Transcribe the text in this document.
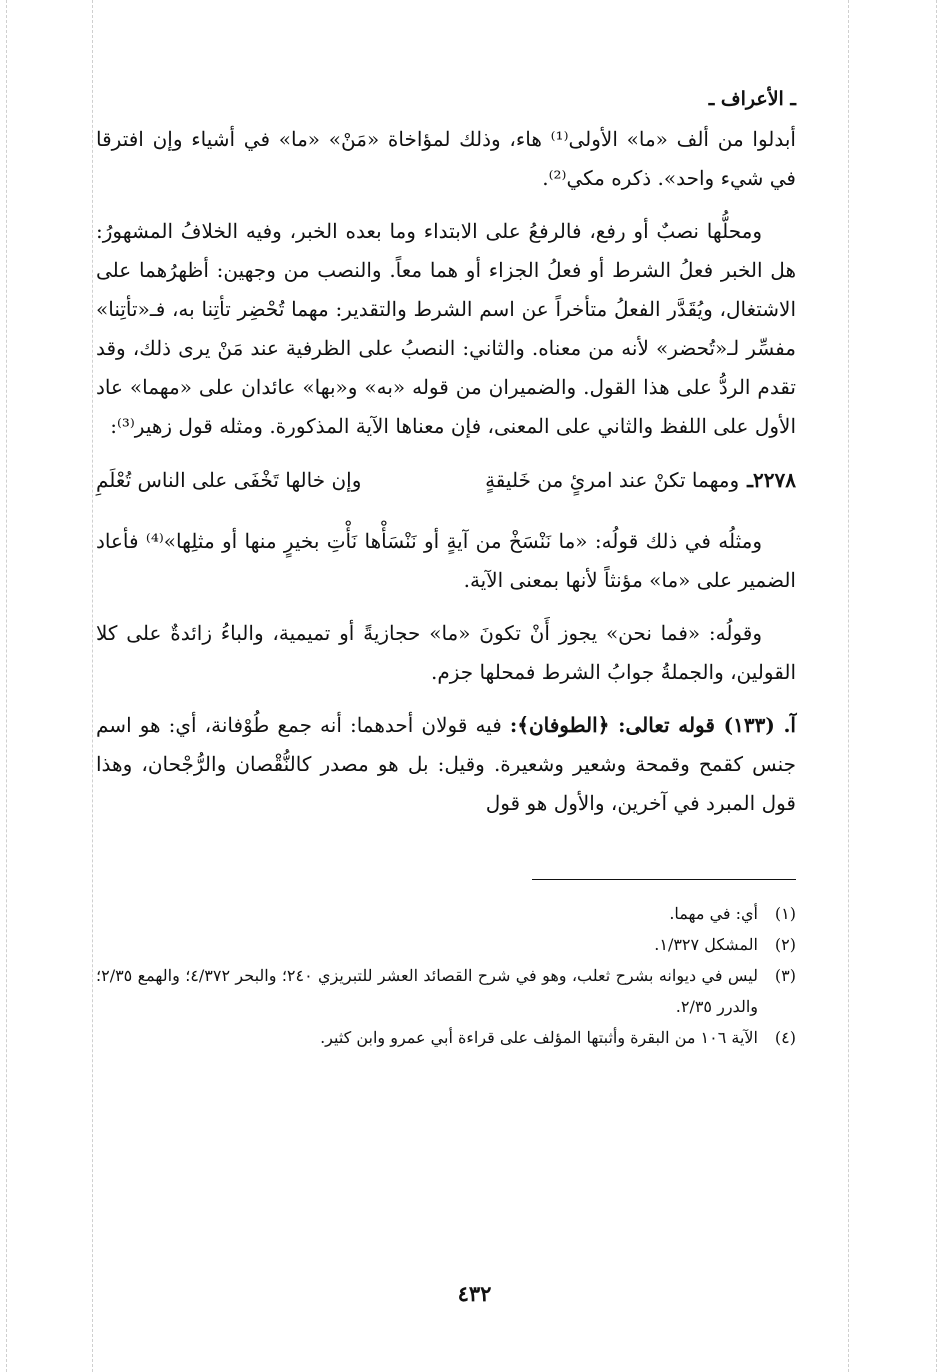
ـ الأعراف ـ

أبدلوا من ألف «ما» الأولى⁽¹⁾ هاء، وذلك لمؤاخاة «مَنْ» «ما» في أشياء وإن افترقا في شيء واحد». ذكره مكي⁽²⁾.

ومحلُّها نصبٌ أو رفع، فالرفعُ على الابتداء وما بعده الخبر، وفيه الخلافُ المشهورُ: هل الخبر فعلُ الشرط أو فعلُ الجزاء أو هما معاً. والنصب من وجهين: أظهرُهما على الاشتغال، ويُقَدَّر الفعلُ متأخراً عن اسم الشرط والتقدير: مهما تُحْضِر تأتِنا به، فـ«تأتِنا» مفسِّر لـ«تُحضر» لأنه من معناه. والثاني: النصبُ على الظرفية عند مَنْ يرى ذلك، وقد تقدم الردُّ على هذا القول. والضميران من قوله «به» و«بها» عائدان على «مهما» عاد الأول على اللفظ والثاني على المعنى، فإن معناها الآية المذكورة. ومثله قول زهير⁽³⁾:

٢٢٧٨ـ
ومهما تكنْ عند امرئٍ من خَليقةٍ
وإن خالها تَخْفَى على الناس تُعْلَمِ

ومثلُه في ذلك قولُه: «ما نَنْسَخْ من آيةٍ أو نَنْسَأْها نَأْتِ بخيرٍ منها أو مثلِها»⁽⁴⁾ فأعاد الضمير على «ما» مؤنثاً لأنها بمعنى الآية.

وقولُه: «فما نحن» يجوز أَنْ تكونَ «ما» حجازيةً أو تميمية، والباءُ زائدةٌ على كلا القولين، والجملةُ جوابُ الشرط فمحلها جزم.

آ. (١٣٣) قوله تعالى: ﴿الطوفان﴾: فيه قولان أحدهما: أنه جمع طُوْفانة، أي: هو اسم جنس كقمح وقمحة وشعير وشعيرة. وقيل: بل هو مصدر كالنُّقْصان والرُّجْحان، وهذا قول المبرد في آخرين، والأول هو قول

(١)
أي: في مهما.
(٢)
المشكل ١/٣٢٧.
(٣)
ليس في ديوانه بشرح ثعلب، وهو في شرح القصائد العشر للتبريزي ٢٤٠؛ والبحر ٤/٣٧٢؛ والهمع ٢/٣٥؛ والدرر ٢/٣٥.
(٤)
الآية ١٠٦ من البقرة وأثبتها المؤلف على قراءة أبي عمرو وابن كثير.
٤٣٢
